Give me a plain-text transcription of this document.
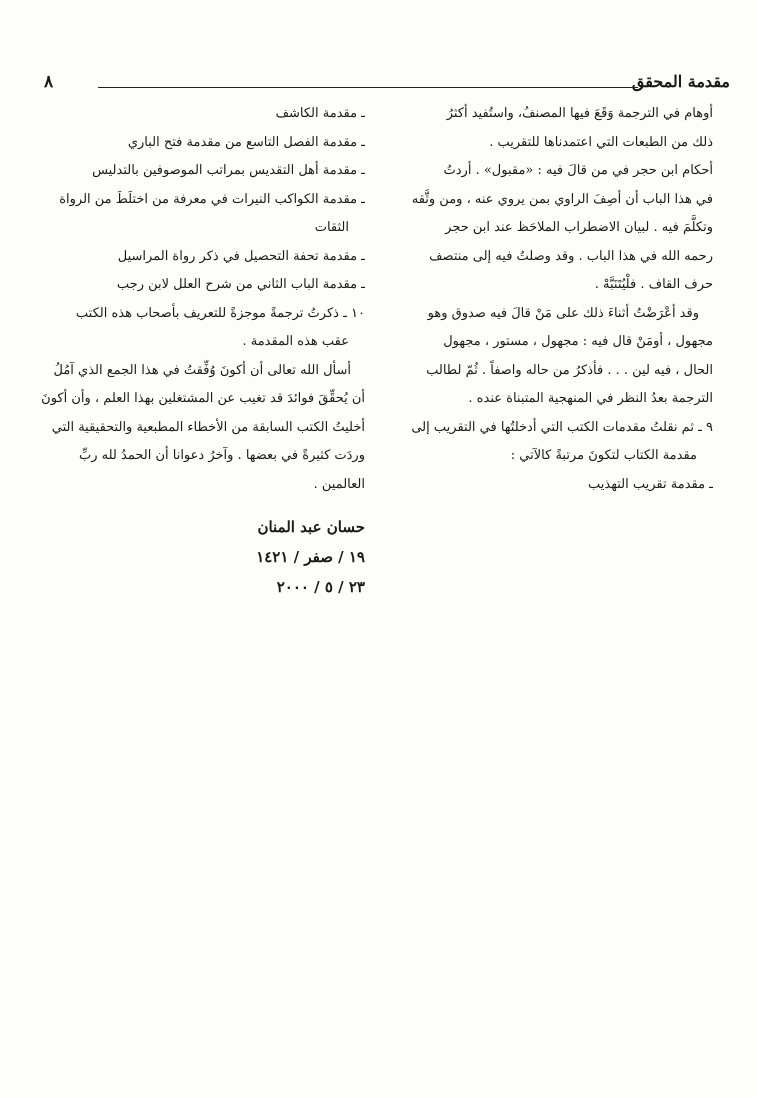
مقدمة المحقق
٨
أوهام في الترجمة وَقَعَ فيها المصنفُ، واستُفيد أكثرُ
ذلك من الطبعات التي اعتمدناها للتقريب .
أحكام ابن حجر في من قالَ فيه : «مقبول» . أردتُ
في هذا الباب أن أصِفَ الراوي بمن يروي عنه ، ومن وثَّقه
وتكلَّمَ فيه . لبيان الاضطراب الملاحَظ عند ابن حجر
رحمه الله في هذا الباب . وقد وصلتُ فيه إلى منتصف
حرف القاف . فلْيُتَنَبَّهْ .
وقد أعْرَضْتُ أثناءَ ذلك على مَنْ قالَ فيه صدوق وهو
مجهول ، أومَنْ قال فيه : مجهول ، مستور ، مجهول
الحال ، فيه لين . . . فأذكرُ من حاله واصفاً . ثُمّ لطالب
الترجمة بعدُ النظر في المنهجية المتبناة عنده .
٩ ـ ثم نقلتُ مقدمات الكتب التي أدخلتُها في التقريب إلى
مقدمة الكتاب لتكونَ مرتبةً كالآتي :
ـ مقدمة تقريب التهذيب
ـ مقدمة الكاشف
ـ مقدمة الفصل التاسع من مقدمة فتح الباري
ـ مقدمة أهل التقديس بمراتب الموصوفين بالتدليس
ـ مقدمة الكواكب النيرات في معرفة من اختلَطَ من الرواة
الثقات
ـ مقدمة تحفة التحصيل في ذكر رواة المراسيل
ـ مقدمة الباب الثاني من شرح العلل لابن رجب
١٠ ـ ذكرتُ ترجمةً موجزةً للتعريف بأصحاب هذه الكتب
عقب هذه المقدمة .
أسأل الله تعالى أن أكونَ وُفِّقتُ في هذا الجمع الذي آمُلُ
أن يُحقِّقَ فوائدَ قد تغيب عن المشتغلين بهذا العلم ، وأن أكونَ
أخليتُ الكتب السابقة من الأخطاء المطبعية والتحقيقية التي
وردَت كثيرةً في بعضها . وآخرُ دعوانا أن الحمدُ لله ربِّ
العالمين .
حسان عبد المنان
١٩ / صفر / ١٤٢١
٢٣ / ٥ / ٢٠٠٠
